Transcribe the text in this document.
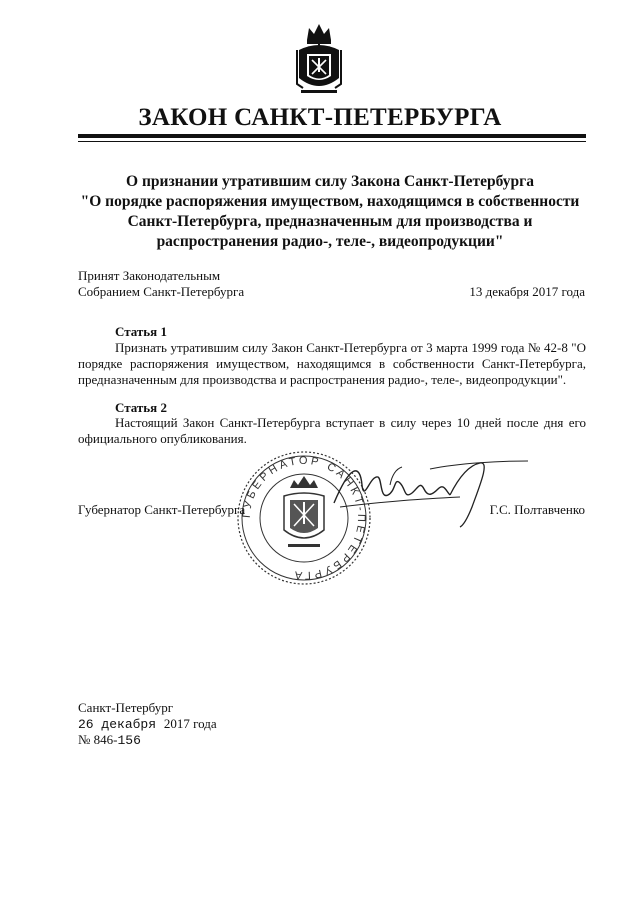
ЗАКОН САНКТ-ПЕТЕРБУРГА
О признании утратившим силу Закона Санкт-Петербурга
"О порядке распоряжения имуществом, находящимся в собственности
Санкт-Петербурга, предназначенным для производства и
распространения радио-, теле-, видеопродукции"
Принят Законодательным
Собранием Санкт-Петербурга	13 декабря 2017 года
Статья 1
Признать утратившим силу Закон Санкт-Петербурга от 3 марта 1999 года № 42-8 "О порядке распоряжения имуществом, находящимся в собственности Санкт-Петербурга, предназначенным для производства и распространения радио-, теле-, видеопродукции".
Статья 2
Настоящий Закон Санкт-Петербурга вступает в силу через 10 дней после дня его официального опубликования.
ГУБЕРНАТОР САНКТ-ПЕТЕРБУРГА
Губернатор Санкт-Петербурга	Г.С. Полтавченко
Санкт-Петербург
26 декабря 2017 года
№ 846-156
